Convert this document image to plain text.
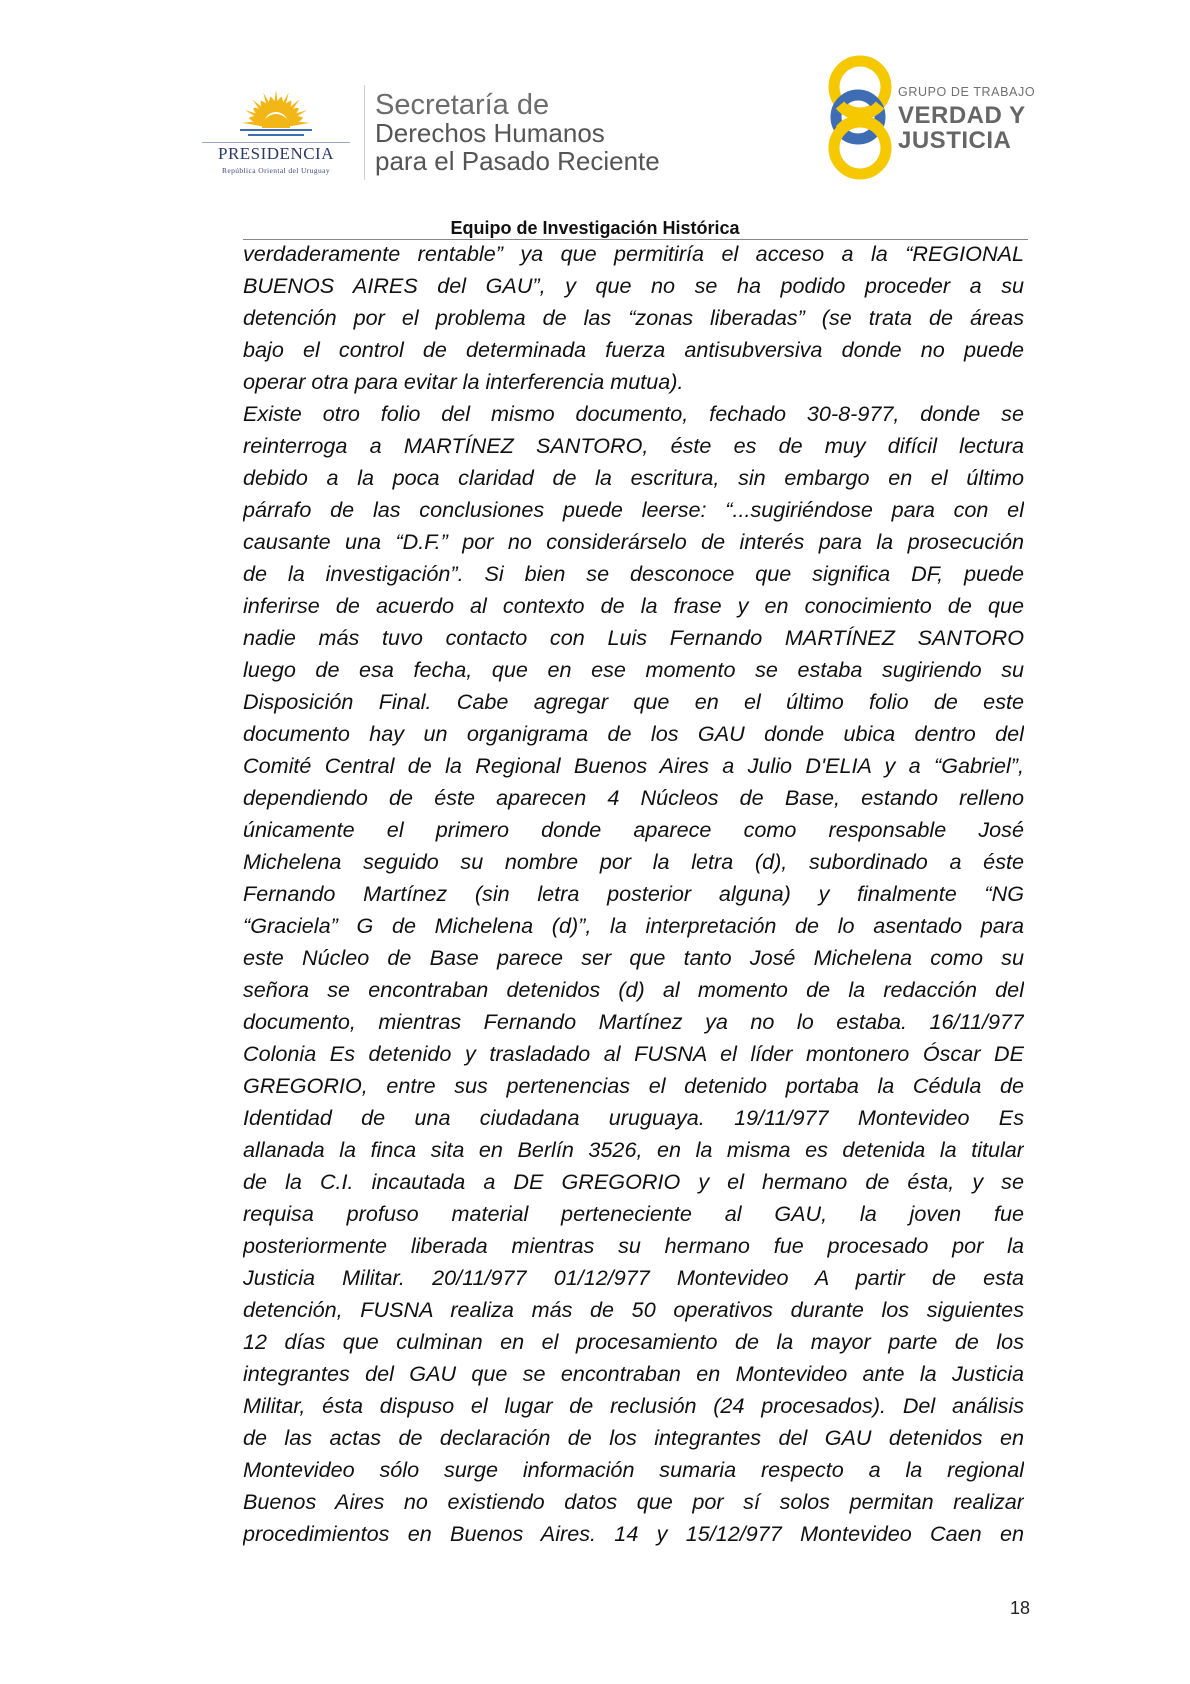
PRESIDENCIA
República Oriental del Uruguay
Secretaría de
Derechos Humanos
para el Pasado Reciente
GRUPO DE TRABAJO
VERDAD Y
JUSTICIA
Equipo de Investigación Histórica
verdaderamente rentable” ya que permitiría el acceso a la “REGIONAL
BUENOS AIRES del GAU”, y que no se ha podido proceder a su
detención por el problema de las “zonas liberadas” (se trata de áreas
bajo el control de determinada fuerza antisubversiva donde no puede
operar otra para evitar la interferencia mutua).
Existe otro folio del mismo documento, fechado 30-8-977, donde se
reinterroga a MARTÍNEZ SANTORO, éste es de muy difícil lectura
debido a la poca claridad de la escritura, sin embargo en el último
párrafo de las conclusiones puede leerse: “...sugiriéndose para con el
causante una “D.F.” por no considerárselo de interés para la prosecución
de la investigación”. Si bien se desconoce que significa DF, puede
inferirse de acuerdo al contexto de la frase y en conocimiento de que
nadie más tuvo contacto con Luis Fernando MARTÍNEZ SANTORO
luego de esa fecha, que en ese momento se estaba sugiriendo su
Disposición Final. Cabe agregar que en el último folio de este
documento hay un organigrama de los GAU donde ubica dentro del
Comité Central de la Regional Buenos Aires a Julio D'ELIA y a “Gabriel”,
dependiendo de éste aparecen 4 Núcleos de Base, estando relleno
únicamente el primero donde aparece como responsable José
Michelena seguido su nombre por la letra (d), subordinado a éste
Fernando Martínez (sin letra posterior alguna) y finalmente “NG
“Graciela” G de Michelena (d)”, la interpretación de lo asentado para
este Núcleo de Base parece ser que tanto José Michelena como su
señora se encontraban detenidos (d) al momento de la redacción del
documento, mientras Fernando Martínez ya no lo estaba. 16/11/977
Colonia Es detenido y trasladado al FUSNA el líder montonero Óscar DE
GREGORIO, entre sus pertenencias el detenido portaba la Cédula de
Identidad de una ciudadana uruguaya. 19/11/977 Montevideo Es
allanada la finca sita en Berlín 3526, en la misma es detenida la titular
de la C.I. incautada a DE GREGORIO y el hermano de ésta, y se
requisa profuso material perteneciente al GAU, la joven fue
posteriormente liberada mientras su hermano fue procesado por la
Justicia Militar. 20/11/977 01/12/977 Montevideo A partir de esta
detención, FUSNA realiza más de 50 operativos durante los siguientes
12 días que culminan en el procesamiento de la mayor parte de los
integrantes del GAU que se encontraban en Montevideo ante la Justicia
Militar, ésta dispuso el lugar de reclusión (24 procesados). Del análisis
de las actas de declaración de los integrantes del GAU detenidos en
Montevideo sólo surge información sumaria respecto a la regional
Buenos Aires no existiendo datos que por sí solos permitan realizar
procedimientos en Buenos Aires. 14 y 15/12/977 Montevideo Caen en
18
